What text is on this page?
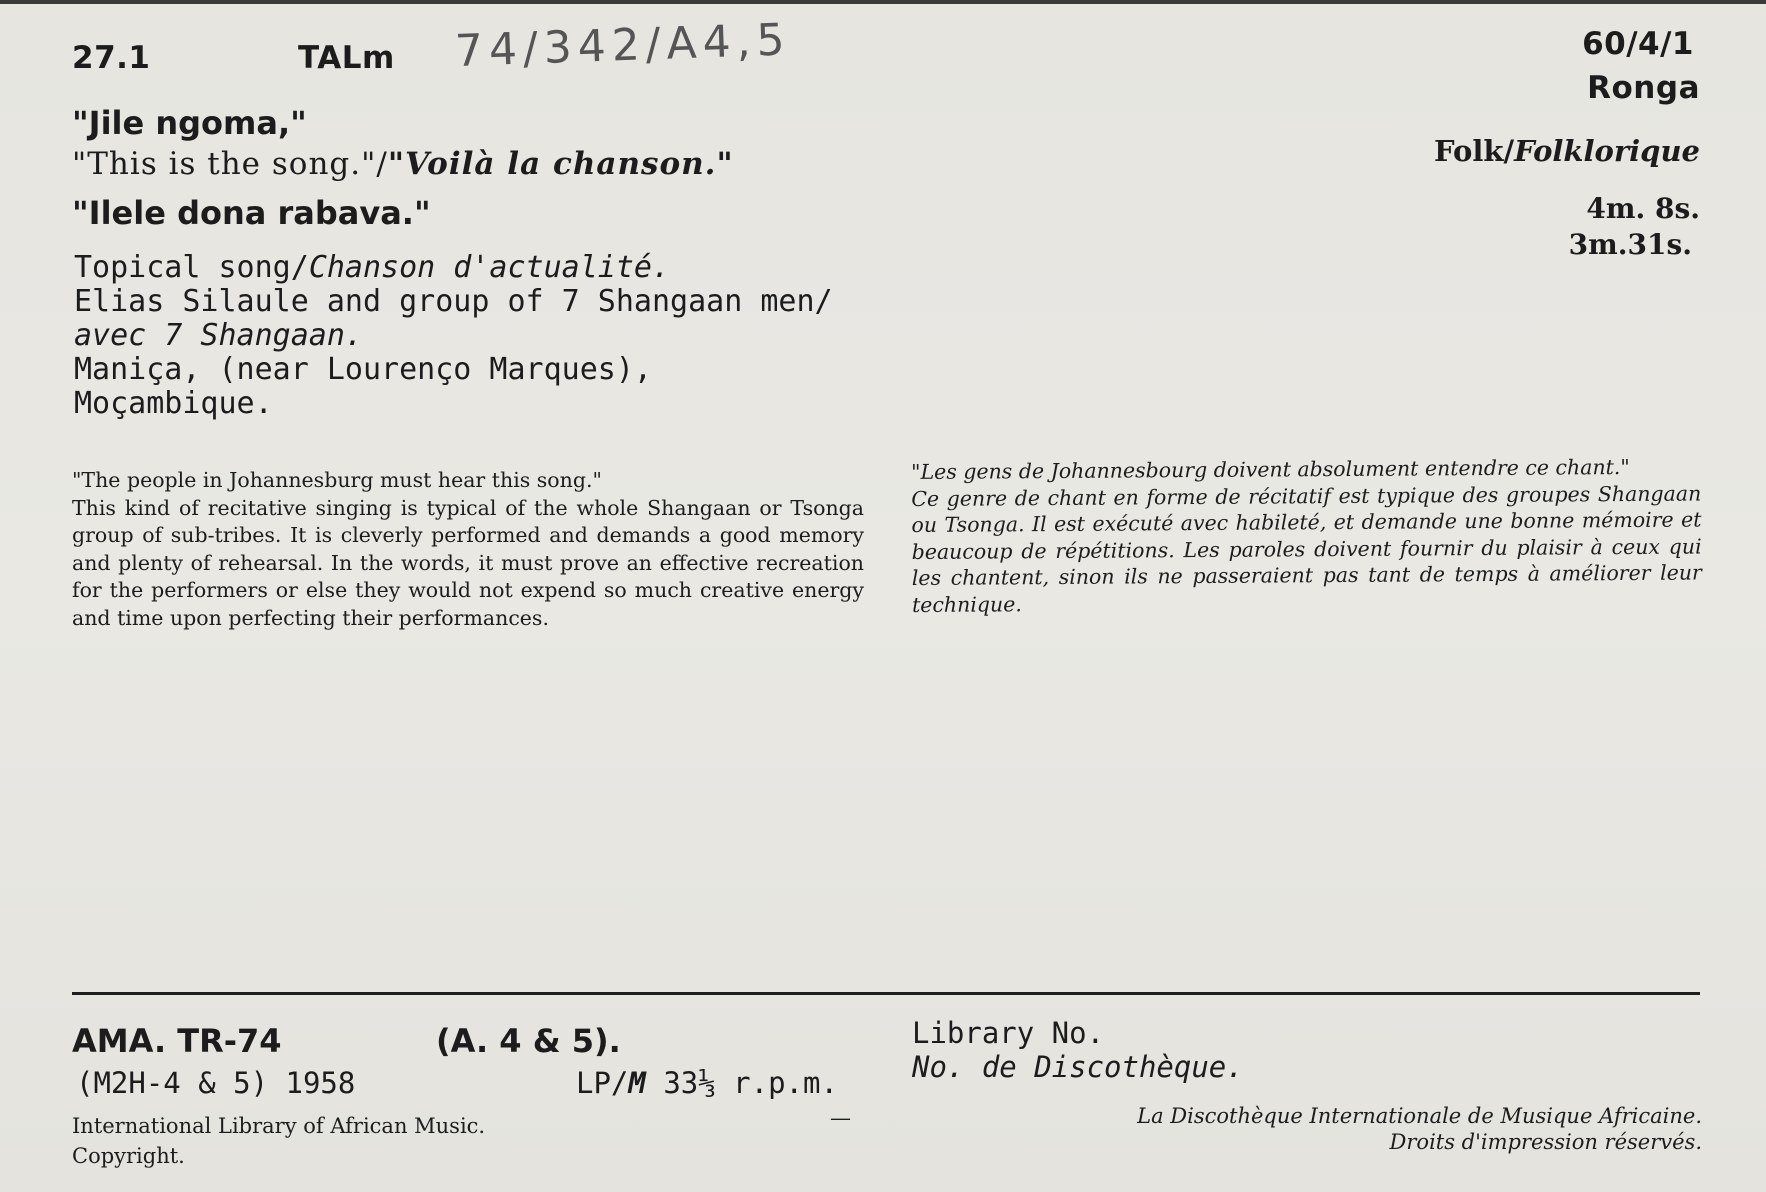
27.1	TALm 74/342/A4,5	60/4/1
Ronga
"Jile ngoma,"
"This is the song."/"Voilà la chanson."
"Ilele dona rabava."
Folk/Folklorique
4m. 8s.
3m.31s.
Topical song/Chanson d'actualité.
Elias Silaule and group of 7 Shangaan men/
avec 7 Shangaan.
Maniça, (near Lourenço Marques),
Moçambique.
"The people in Johannesburg must hear this song."
This kind of recitative singing is typical of the whole Shangaan or Tsonga group of sub-tribes. It is cleverly performed and demands a good memory and plenty of rehearsal. In the words, it must prove an effective recreation for the performers or else they would not expend so much creative energy and time upon perfecting their performances.
"Les gens de Johannesbourg doivent absolument entendre ce chant."
Ce genre de chant en forme de récitatif est typique des groupes Shangaan ou Tsonga. Il est exécuté avec habileté, et demande une bonne mémoire et beaucoup de répétitions. Les paroles doivent fournir du plaisir à ceux qui les chantent, sinon ils ne passeraient pas tant de temps à améliorer leur technique.
AMA. TR-74	(A. 4 & 5).
(M2H-4 & 5) 1958	LP/M 33⅓ r.p.m.
Library No.
No. de Discothèque.
International Library of African Music.
Copyright.
—	La Discothèque Internationale de Musique Africaine.
Droits d'impression réservés.
